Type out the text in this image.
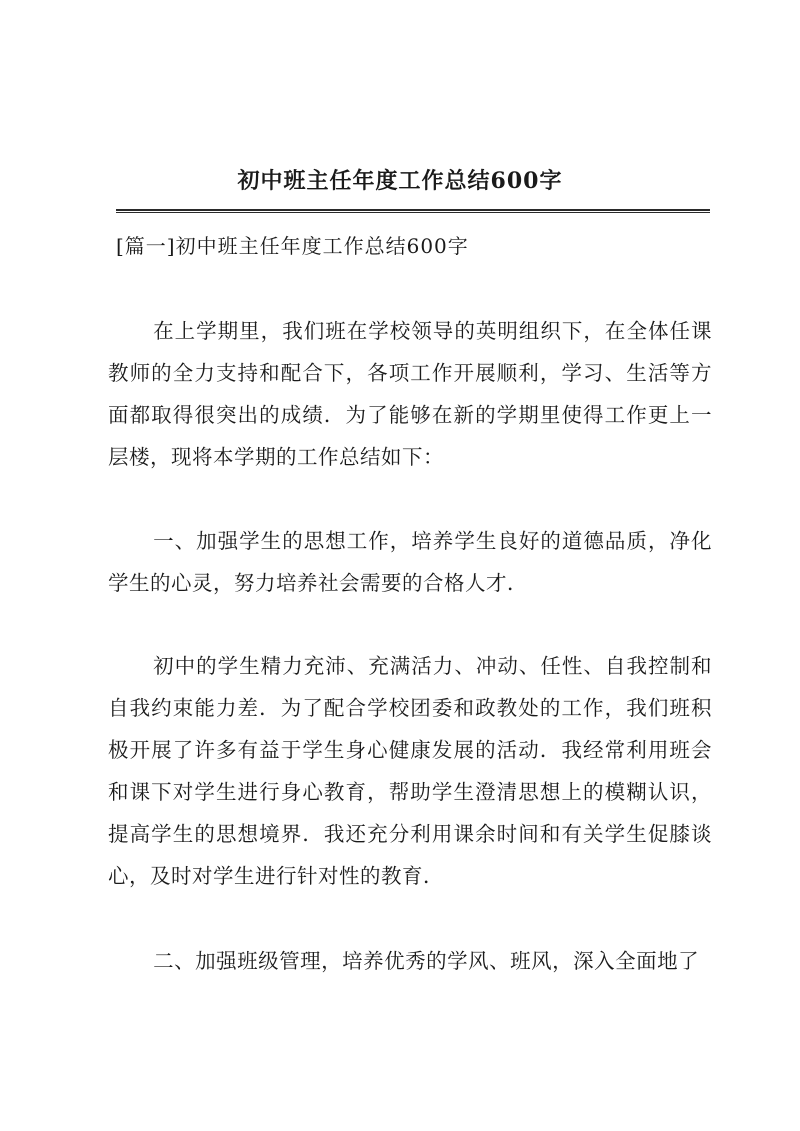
初中班主任年度工作总结600字
[篇一]初中班主任年度工作总结600字

在上学期里，我们班在学校领导的英明组织下，在全体任课教师的全力支持和配合下，各项工作开展顺利，学习、生活等方面都取得很突出的成绩．为了能够在新的学期里使得工作更上一层楼，现将本学期的工作总结如下：

一、加强学生的思想工作，培养学生良好的道德品质，净化学生的心灵，努力培养社会需要的合格人才．

初中的学生精力充沛、充满活力、冲动、任性、自我控制和自我约束能力差．为了配合学校团委和政教处的工作，我们班积极开展了许多有益于学生身心健康发展的活动．我经常利用班会和课下对学生进行身心教育，帮助学生澄清思想上的模糊认识，提高学生的思想境界．我还充分利用课余时间和有关学生促膝谈心，及时对学生进行针对性的教育．

二、加强班级管理，培养优秀的学风、班风，深入全面地了
